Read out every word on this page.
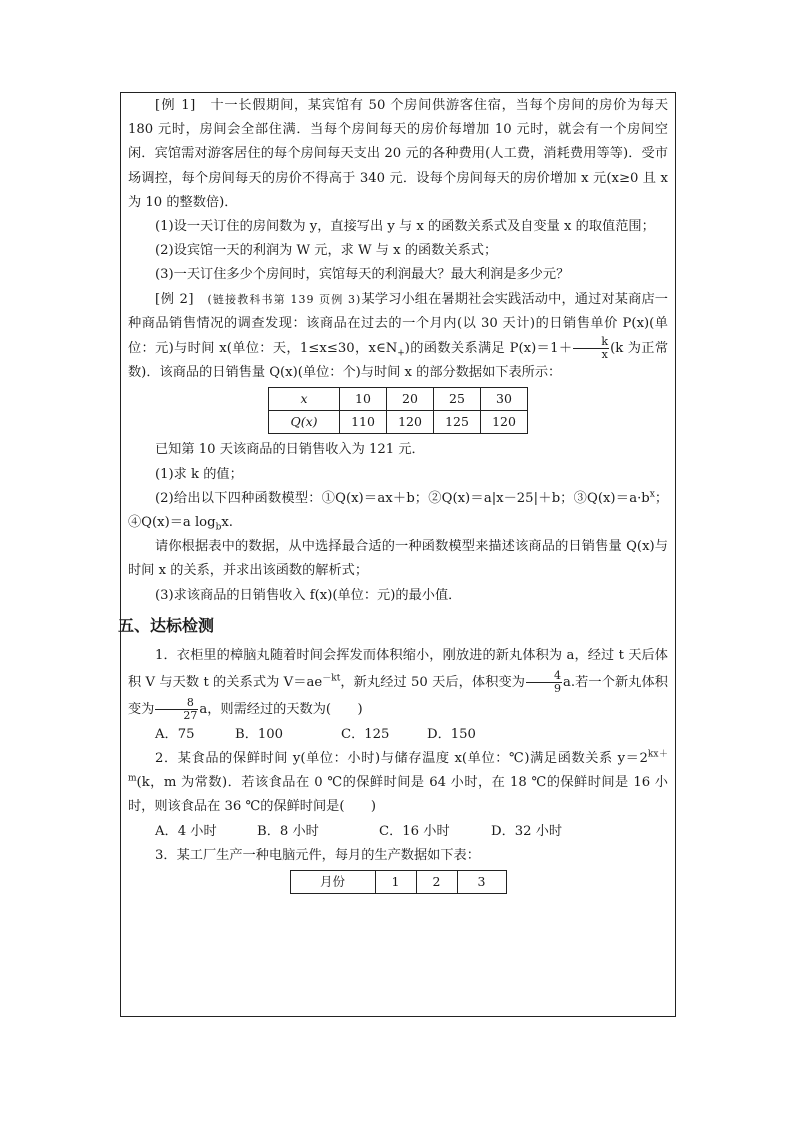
[例 1]　 十一长假期间，某宾馆有 50 个房间供游客住宿，当每个房间的房价为每天 180 元时，房间会全部住满．当每个房间每天的房价每增加 10 元时，就会有一个房间空闲．宾馆需对游客居住的每个房间每天支出 20 元的各种费用(人工费，消耗费用等等)．受市场调控，每个房间每天的房价不得高于 340 元．设每个房间每天的房价增加 x 元(x≥0 且 x 为 10 的整数倍)．

(1)设一天订住的房间数为 y，直接写出 y 与 x 的函数关系式及自变量 x 的取值范围；

(2)设宾馆一天的利润为 W 元，求 W 与 x 的函数关系式；

(3)一天订住多少个房间时，宾馆每天的利润最大？最大利润是多少元？

[例 2]　 (链接教科书第 139 页例 3)某学习小组在暑期社会实践活动中，通过对某商店一种商品销售情况的调查发现：该商品在过去的一个月内(以 30 天计)的日销售单价 P(x)(单位：元)与时间 x(单位：天，1≤x≤30，$x\in N_+$)的函数关系满足 $P(x)=1+ \frac{k}{x} (k$ 为正常数)．该商品的日销售量 Q(x)(单位：个)与时间 x 的部分数据如下表所示：

x	10	20	25	30
Q(x)	110	120	125	120

已知第 10 天该商品的日销售收入为 121 元．

(1)求 k 的值；

(2)给出以下四种函数模型：①Q(x)＝ax＋b；②Q(x)＝a|x－25|＋b；$③Q(x)=a\cdot b^x$；④Q(x)＝a $\log_bx$.

请你根据表中的数据，从中选择最合适的一种函数模型来描述该商品的日销售量 Q(x)与时间 x 的关系，并求出该函数的解析式；

(3)求该商品的日销售收入 f(x)(单位：元)的最小值．

五、达标检测

1．衣柜里的樟脑丸随着时间会挥发而体积缩小，刚放进的新丸体积为 a，经过 t 天后体积 V 与天数 t 的关系式为 $V=ae^{-kt}$，新丸经过 50 天后，体积变为 $\frac{4}{9} a$.若一个新丸体积变为 $\frac{8}{27}$ a，则需经过的天数为(　　)

A．75	B．100	C．125	D．150

2．某食品的保鲜时间 y(单位：小时)与储存温度 x(单位：℃)满足函数关系 $y=2^{kx+m}(k$，m 为常数)．若该食品在 0 ℃的保鲜时间是 64 小时，在 18 ℃的保鲜时间是 16 小时，则该食品在 36 ℃的保鲜时间是(　　)

A．4 小时	B．8 小时	C．16 小时	D．32 小时

3．某工厂生产一种电脑元件，每月的生产数据如下表：

月份	1	2	3
